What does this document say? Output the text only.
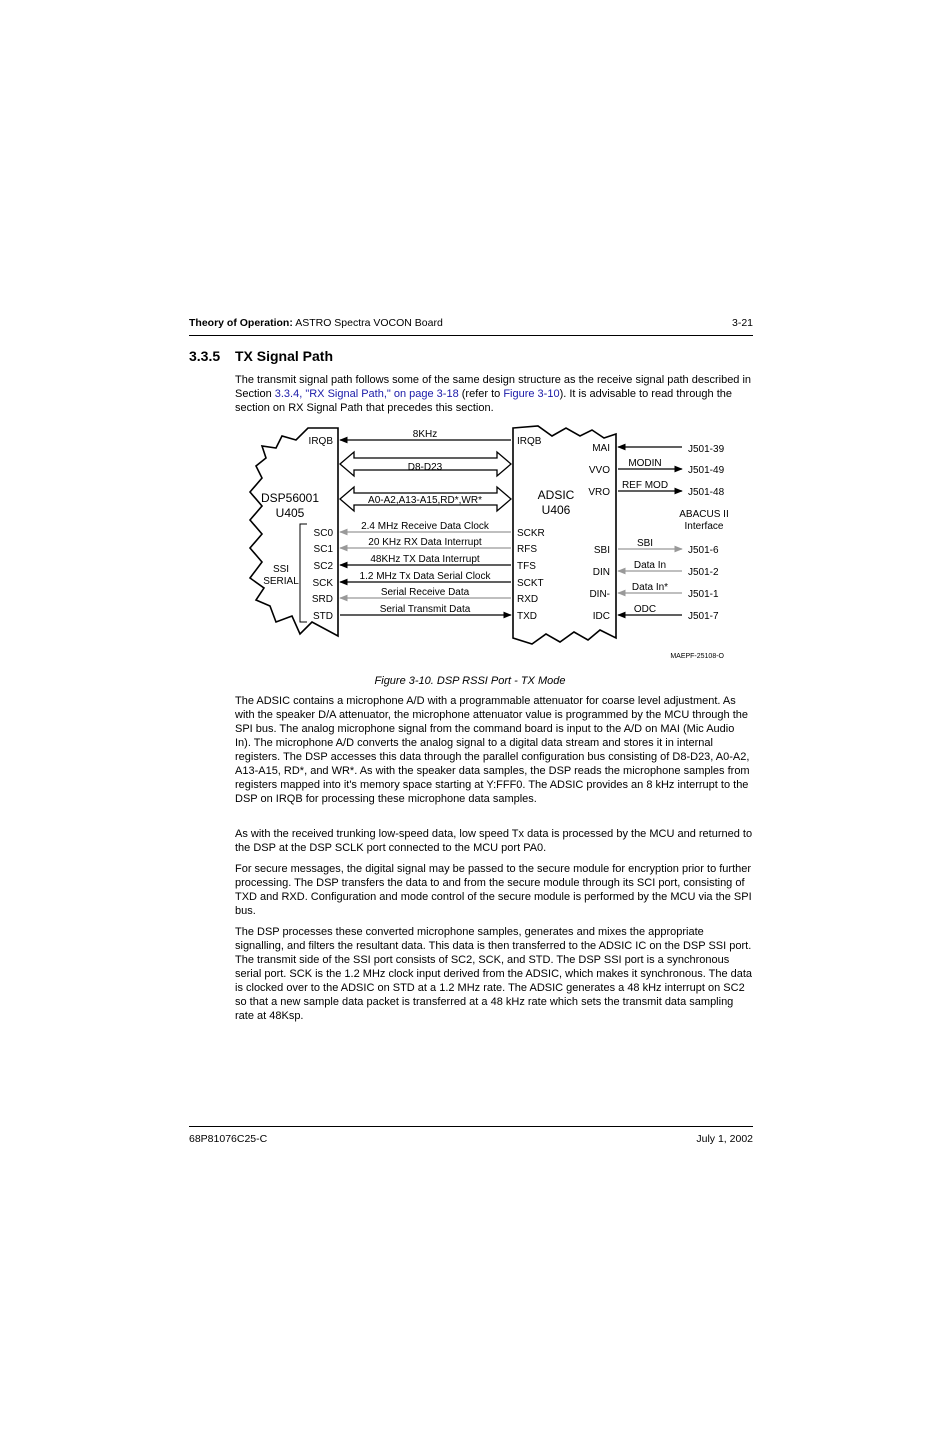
Theory of Operation: ASTRO Spectra VOCON Board	3-21
3.3.5 TX Signal Path

The transmit signal path follows some of the same design structure as the receive signal path described in Section 3.3.4, "RX Signal Path," on page 3-18 (refer to Figure 3-10). It is advisable to read through the section on RX Signal Path that precedes this section.

DSP56001
U405
SSI
SERIAL
IRQB
SC0
SC1
SC2
SCK
SRD
STD
ADSIC
U406
IRQB
SCKR
RFS
TFS
SCKT
RXD
TXD
MAI
VVO
VRO
SBI
DIN
DIN-
IDC
8KHz
D8-D23
A0-A2,A13-A15,RD*,WR*
2.4 MHz Receive Data Clock
20 KHz RX Data Interrupt
48KHz TX Data Interrupt
1.2 MHz Tx Data Serial Clock
Serial Receive Data
Serial Transmit Data
MODIN
REF MOD
ABACUS II
Interface
SBI
Data In
Data In*
ODC
J501-39
J501-49
J501-48
J501-6
J501-2
J501-1
J501-7
MAEPF-25108-O
Figure 3-10. DSP RSSI Port - TX Mode

The ADSIC contains a microphone A/D with a programmable attenuator for coarse level adjustment. As with the speaker D/A attenuator, the microphone attenuator value is programmed by the MCU through the SPI bus. The analog microphone signal from the command board is input to the A/D on MAI (Mic Audio In). The microphone A/D converts the analog signal to a digital data stream and stores it in internal registers. The DSP accesses this data through the parallel configuration bus consisting of D8-D23, A0-A2, A13-A15, RD*, and WR*. As with the speaker data samples, the DSP reads the microphone samples from registers mapped into it's memory space starting at Y:FFF0. The ADSIC provides an 8 kHz interrupt to the DSP on IRQB for processing these microphone data samples.

As with the received trunking low-speed data, low speed Tx data is processed by the MCU and returned to the DSP at the DSP SCLK port connected to the MCU port PA0.

For secure messages, the digital signal may be passed to the secure module for encryption prior to further processing. The DSP transfers the data to and from the secure module through its SCI port, consisting of TXD and RXD. Configuration and mode control of the secure module is performed by the MCU via the SPI bus.

The DSP processes these converted microphone samples, generates and mixes the appropriate signalling, and filters the resultant data. This data is then transferred to the ADSIC IC on the DSP SSI port. The transmit side of the SSI port consists of SC2, SCK, and STD. The DSP SSI port is a synchronous serial port. SCK is the 1.2 MHz clock input derived from the ADSIC, which makes it synchronous. The data is clocked over to the ADSIC on STD at a 1.2 MHz rate. The ADSIC generates a 48 kHz interrupt on SC2 so that a new sample data packet is transferred at a 48 kHz rate which sets the transmit data sampling rate at 48Ksp.

68P81076C25-C	July 1, 2002
